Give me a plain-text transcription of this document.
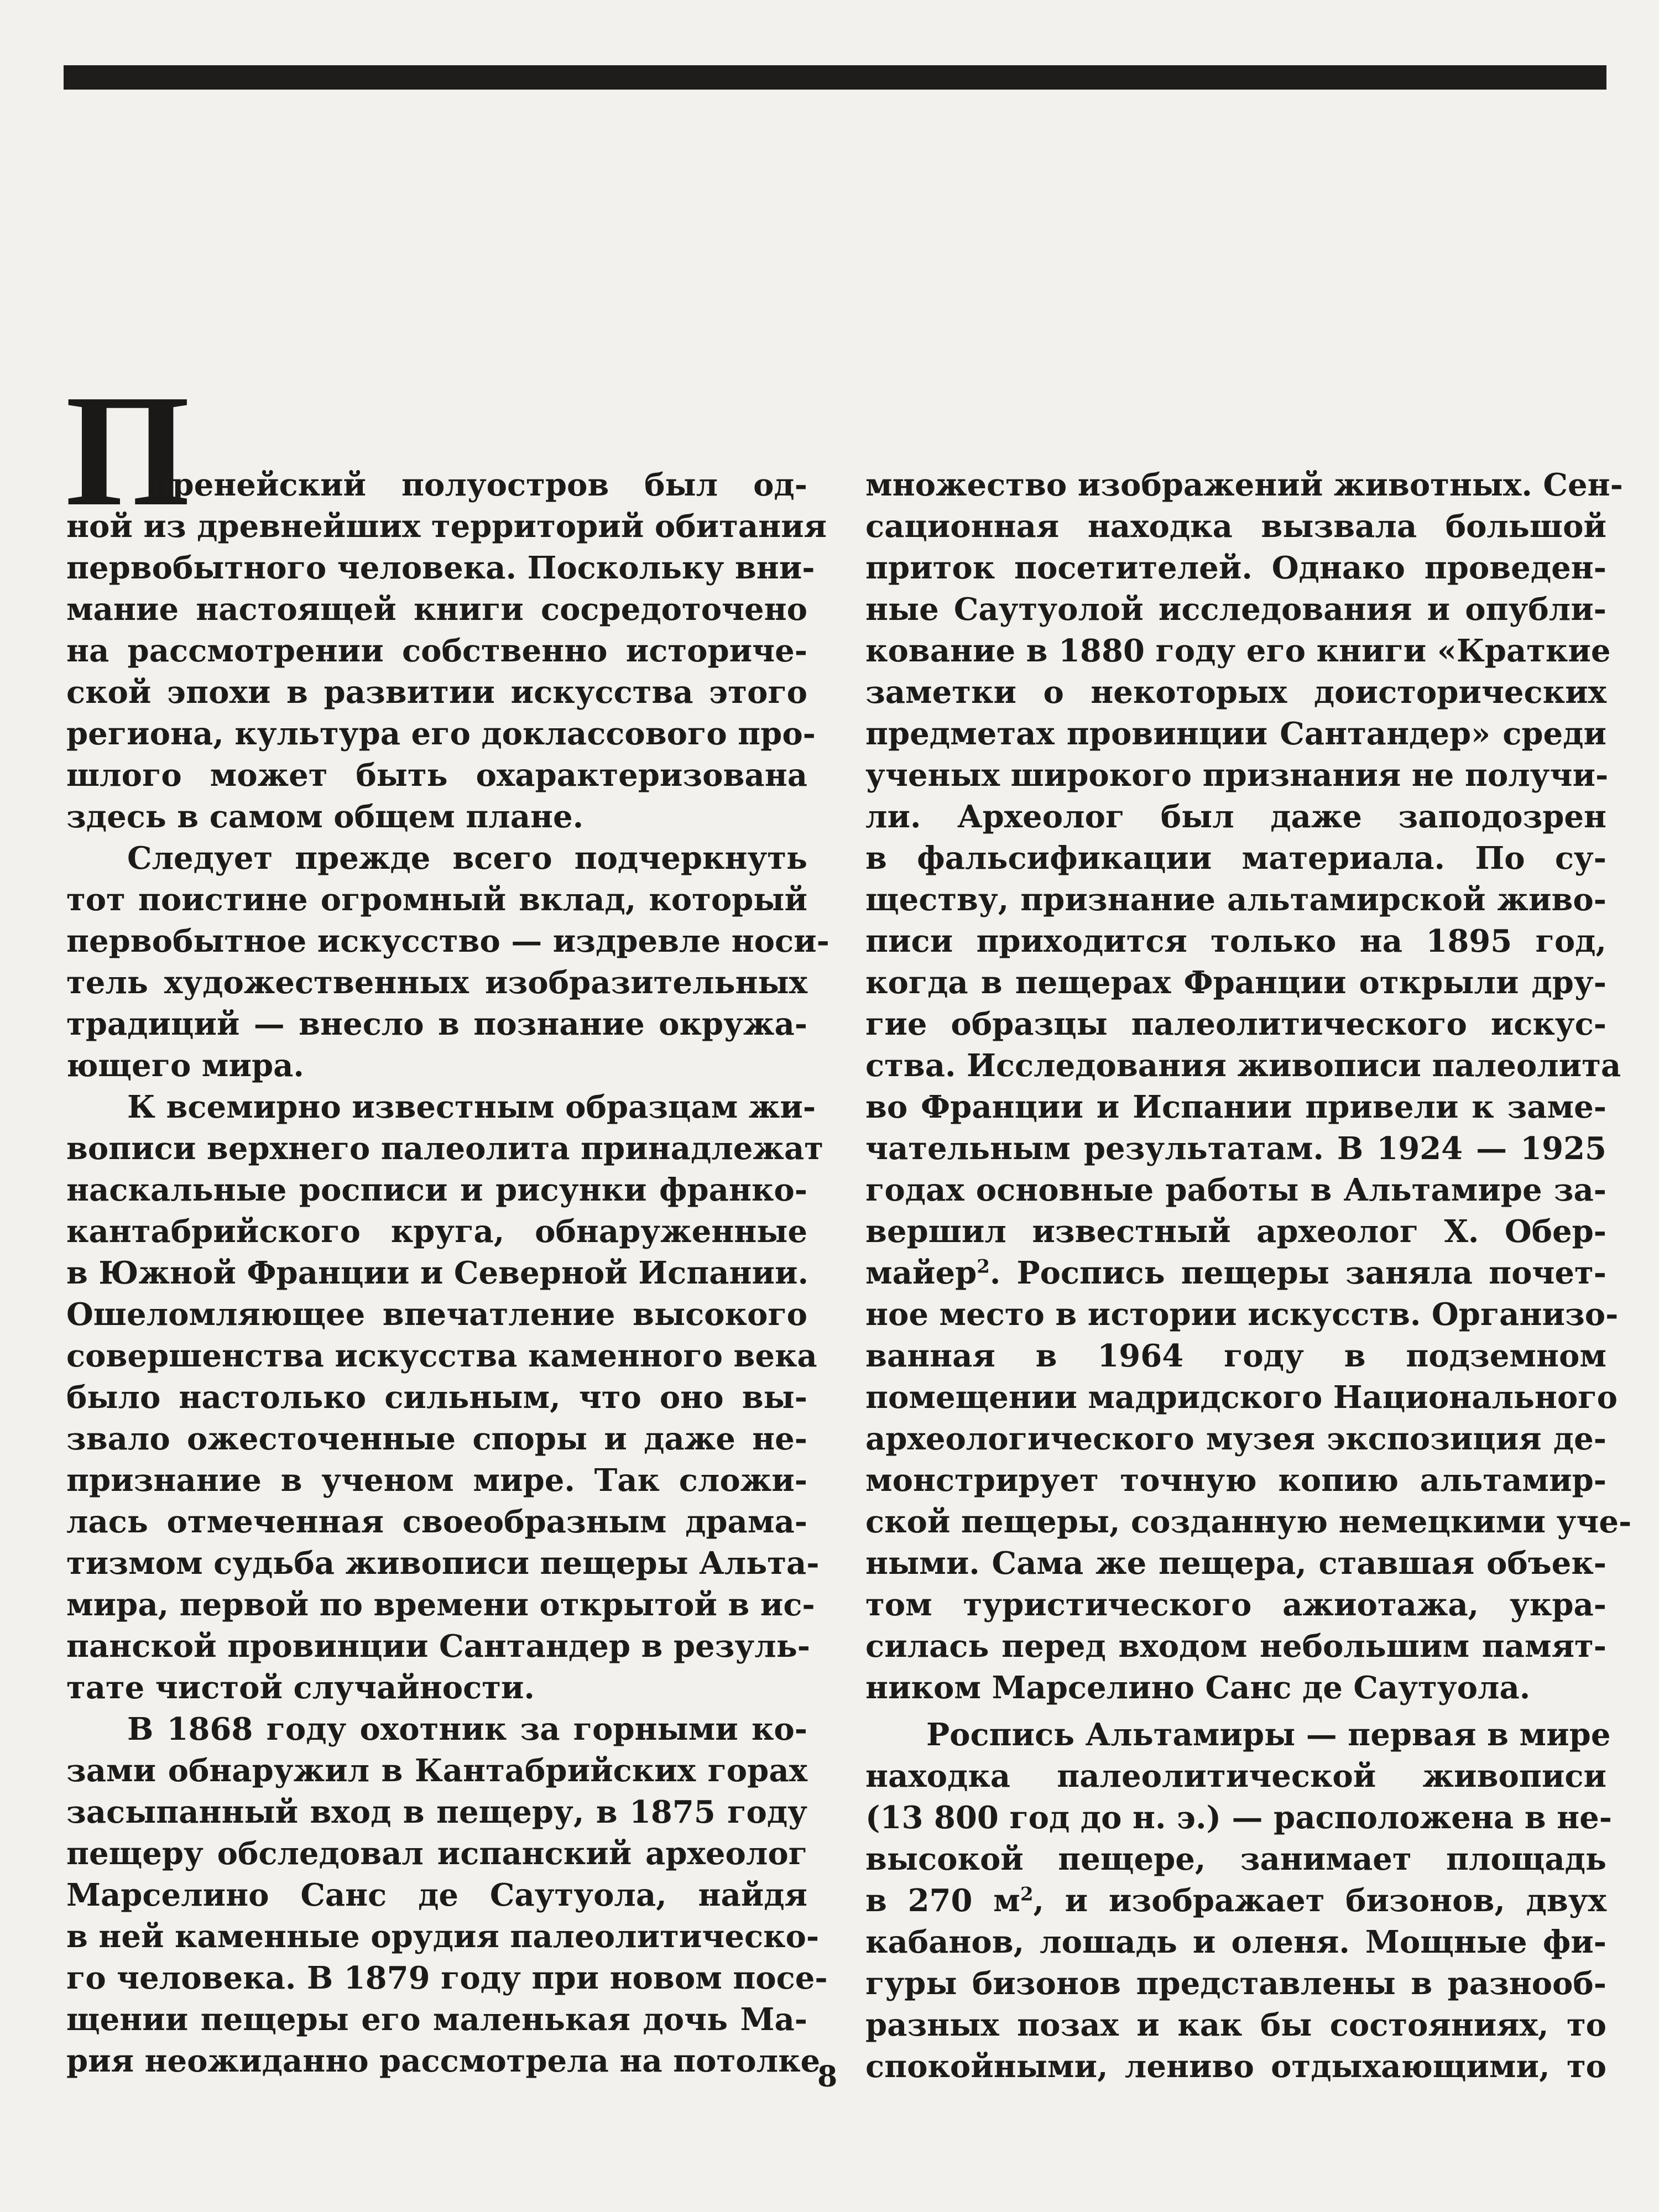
П
иренейский полуостров был од-
ной из древнейших территорий обитания
первобытного человека. Поскольку вни-
мание настоящей книги сосредоточено
на рассмотрении собственно историче-
ской эпохи в развитии искусства этого
региона, культура его доклассового про-
шлого может быть охарактеризована
здесь в самом общем плане.
Следует прежде всего подчеркнуть
тот поистине огромный вклад, который
первобытное искусство — издревле носи-
тель художественных изобразительных
традиций — внесло в познание окружа-
ющего мира.
К всемирно известным образцам жи-
вописи верхнего палеолита принадлежат
наскальные росписи и рисунки франко-
кантабрийского круга, обнаруженные
в Южной Франции и Северной Испании.
Ошеломляющее впечатление высокого
совершенства искусства каменного века
было настолько сильным, что оно вы-
звало ожесточенные споры и даже не-
признание в ученом мире. Так сложи-
лась отмеченная своеобразным драма-
тизмом судьба живописи пещеры Альта-
мира, первой по времени открытой в ис-
панской провинции Сантандер в резуль-
тате чистой случайности.
В 1868 году охотник за горными ко-
зами обнаружил в Кантабрийских горах
засыпанный вход в пещеру, в 1875 году
пещеру обследовал испанский археолог
Марселино Санс де Саутуола, найдя
в ней каменные орудия палеолитическо-
го человека. В 1879 году при новом посе-
щении пещеры его маленькая дочь Ма-
рия неожиданно рассмотрела на потолке
множество изображений животных. Сен-
сационная находка вызвала большой
приток посетителей. Однако проведен-
ные Саутуолой исследования и опубли-
кование в 1880 году его книги «Краткие
заметки о некоторых доисторических
предметах провинции Сантандер» среди
ученых широкого признания не получи-
ли. Археолог был даже заподозрен
в фальсификации материала. По су-
ществу, признание альтамирской живо-
писи приходится только на 1895 год,
когда в пещерах Франции открыли дру-
гие образцы палеолитического искус-
ства. Исследования живописи палеолита
во Франции и Испании привели к заме-
чательным результатам. В 1924 — 1925
годах основные работы в Альтамире за-
вершил известный археолог Х. Обер-
майер$^2$. Роспись пещеры заняла почет-
ное место в истории искусств. Организо-
ванная в 1964 году в подземном
помещении мадридского Национального
археологического музея экспозиция де-
монстрирует точную копию альтамир-
ской пещеры, созданную немецкими уче-
ными. Сама же пещера, ставшая объек-
том туристического ажиотажа, укра-
силась перед входом небольшим памят-
ником Марселино Санс де Саутуола.
Роспись Альтамиры — первая в мире
находка палеолитической живописи
(13 800 год до н. э.) — расположена в не-
высокой пещере, занимает площадь
в 270 $м^2$, и изображает бизонов, двух
кабанов, лошадь и оленя. Мощные фи-
гуры бизонов представлены в разнооб-
разных позах и как бы состояниях, то
спокойными, лениво отдыхающими, то
8
